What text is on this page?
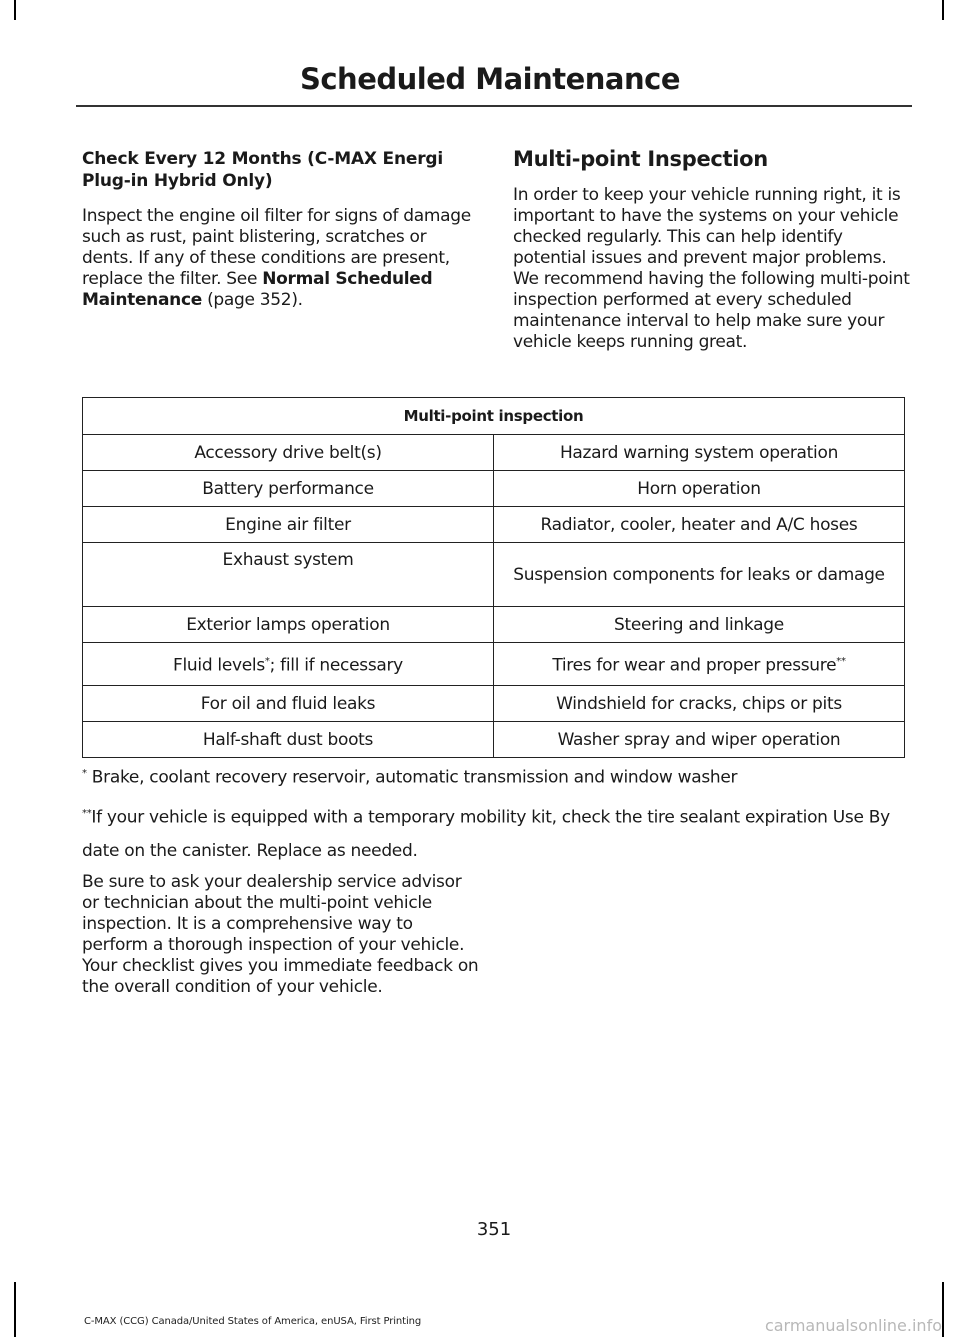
Scheduled Maintenance
Check Every 12 Months (C-MAX Energi Plug-in Hybrid Only)

Inspect the engine oil filter for signs of damage such as rust, paint blistering, scratches or dents. If any of these conditions are present, replace the filter. See Normal Scheduled Maintenance (page 352).

Multi-point Inspection

In order to keep your vehicle running right, it is important to have the systems on your vehicle checked regularly. This can help identify potential issues and prevent major problems. We recommend having the following multi-point inspection performed at every scheduled maintenance interval to help make sure your vehicle keeps running great.

Multi-point inspection	
Accessory drive belt(s)	Hazard warning system operation
Battery performance	Horn operation
Engine air filter	Radiator, cooler, heater and A/C hoses
Exhaust system	Suspension components for leaks or damage
Exterior lamps operation	Steering and linkage
Fluid levels*; fill if necessary	Tires for wear and proper pressure**
For oil and fluid leaks	Windshield for cracks, chips or pits
Half-shaft dust boots	Washer spray and wiper operation

* Brake, coolant recovery reservoir, automatic transmission and window washer

**If your vehicle is equipped with a temporary mobility kit, check the tire sealant expiration Use By date on the canister. Replace as needed.

Be sure to ask your dealership service advisor or technician about the multi-point vehicle inspection. It is a comprehensive way to perform a thorough inspection of your vehicle. Your checklist gives you immediate feedback on the overall condition of your vehicle.

351
C-MAX (CCG) Canada/United States of America, enUSA, First Printing	carmanualsonline.info
